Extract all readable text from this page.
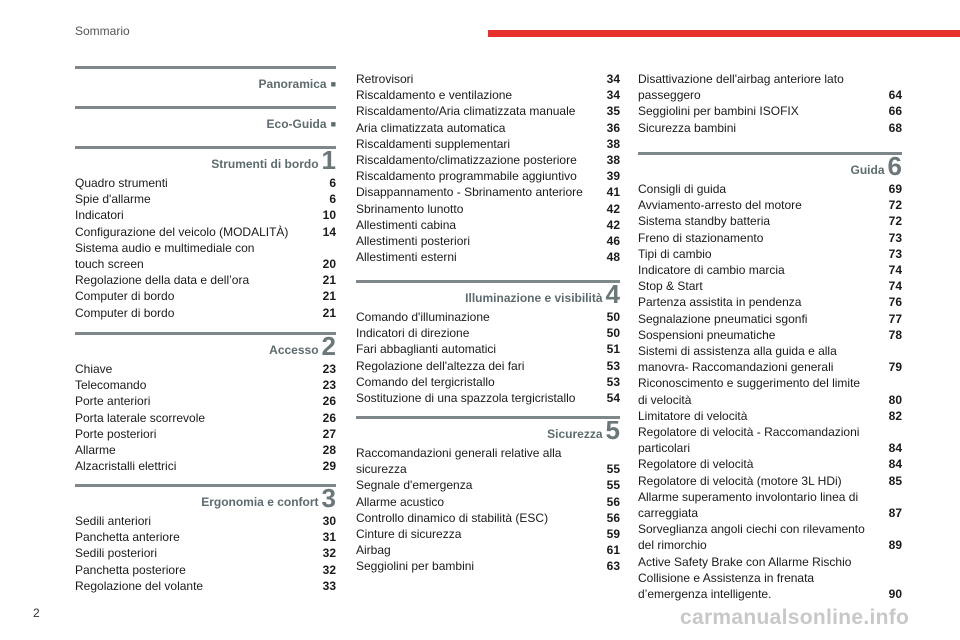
Sommario
Panoramica ■
Eco-Guida ■
Strumenti di bordo 1
Quadro strumenti	6
Spie d'allarme	6
Indicatori	10
Configurazione del veicolo (MODALITÀ)	14
Sistema audio e multimediale con
touch screen	20
Regolazione della data e dell’ora	21
Computer di bordo	21
Computer di bordo	21
Accesso 2
Chiave	23
Telecomando	23
Porte anteriori	26
Porta laterale scorrevole	26
Porte posteriori	27
Allarme	28
Alzacristalli elettrici	29
Ergonomia e confort 3
Sedili anteriori	30
Panchetta anteriore	31
Sedili posteriori	32
Panchetta posteriore	32
Regolazione del volante	33
Retrovisori	34
Riscaldamento e ventilazione	34
Riscaldamento/Aria climatizzata manuale	35
Aria climatizzata automatica	36
Riscaldamenti supplementari	38
Riscaldamento/climatizzazione posteriore	38
Riscaldamento programmabile aggiuntivo	39
Disappannamento - Sbrinamento anteriore	41
Sbrinamento lunotto	42
Allestimenti cabina	42
Allestimenti posteriori	46
Allestimenti esterni	48
Illuminazione e visibilità 4
Comando d'illuminazione	50
Indicatori di direzione	50
Fari abbaglianti automatici	51
Regolazione dell'altezza dei fari	53
Comando del tergicristallo	53
Sostituzione di una spazzola tergicristallo	54
Sicurezza 5
Raccomandazioni generali relative alla
sicurezza	55
Segnale d'emergenza	55
Allarme acustico	56
Controllo dinamico di stabilità (ESC)	56
Cinture di sicurezza	59
Airbag	61
Seggiolini per bambini	63
Disattivazione dell'airbag anteriore lato
passeggero	64
Seggiolini per bambini ISOFIX	66
Sicurezza bambini	68
Guida 6
Consigli di guida	69
Avviamento-arresto del motore	72
Sistema standby batteria	72
Freno di stazionamento	73
Tipi di cambio	73
Indicatore di cambio marcia	74
Stop & Start	74
Partenza assistita in pendenza	76
Segnalazione pneumatici sgonfi	77
Sospensioni pneumatiche	78
Sistemi di assistenza alla guida e alla
manovra- Raccomandazioni generali	79
Riconoscimento e suggerimento del limite
di velocità	80
Limitatore di velocità	82
Regolatore di velocità - Raccomandazioni
particolari	84
Regolatore di velocità	84
Regolatore di velocità (motore 3L HDi)	85
Allarme superamento involontario linea di
carreggiata	87
Sorveglianza angoli ciechi con rilevamento
del rimorchio	89
Active Safety Brake con Allarme Rischio
Collisione e Assistenza in frenata
d’emergenza intelligente.	90
2	carmanualsonline.info
